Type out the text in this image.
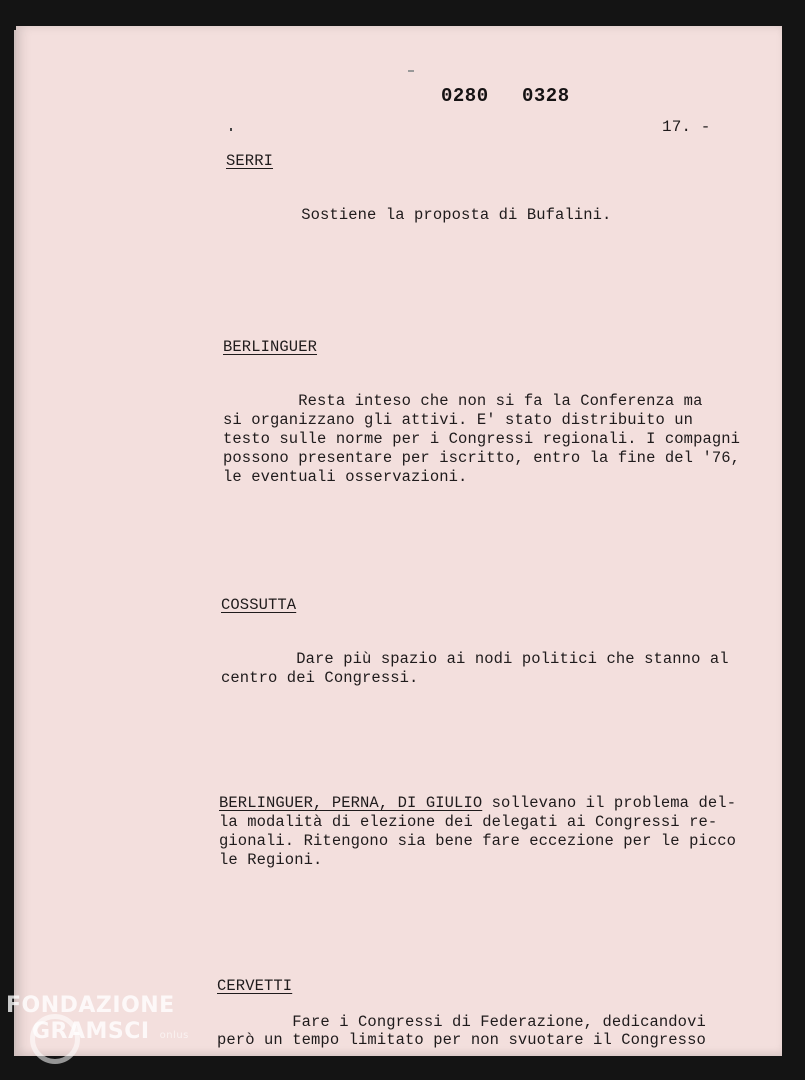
0280 0328
17. -
SERRI
Sostiene la proposta di Bufalini.
BERLINGUER
Resta inteso che non si fa la Conferenza ma
si organizzano gli attivi. E' stato distribuito un
testo sulle norme per i Congressi regionali. I compagni
possono presentare per iscritto, entro la fine del '76,
le eventuali osservazioni.
COSSUTTA
Dare più spazio ai nodi politici che stanno al
centro dei Congressi.
BERLINGUER, PERNA, DI GIULIO sollevano il problema del-
la modalità di elezione dei delegati ai Congressi re-
gionali. Ritengono sia bene fare eccezione per le picco
le Regioni.
CERVETTI
Fare i Congressi di Federazione, dedicandovi
però un tempo limitato per non svuotare il Congresso
FONDAZIONE
GRAMSCI onlus
